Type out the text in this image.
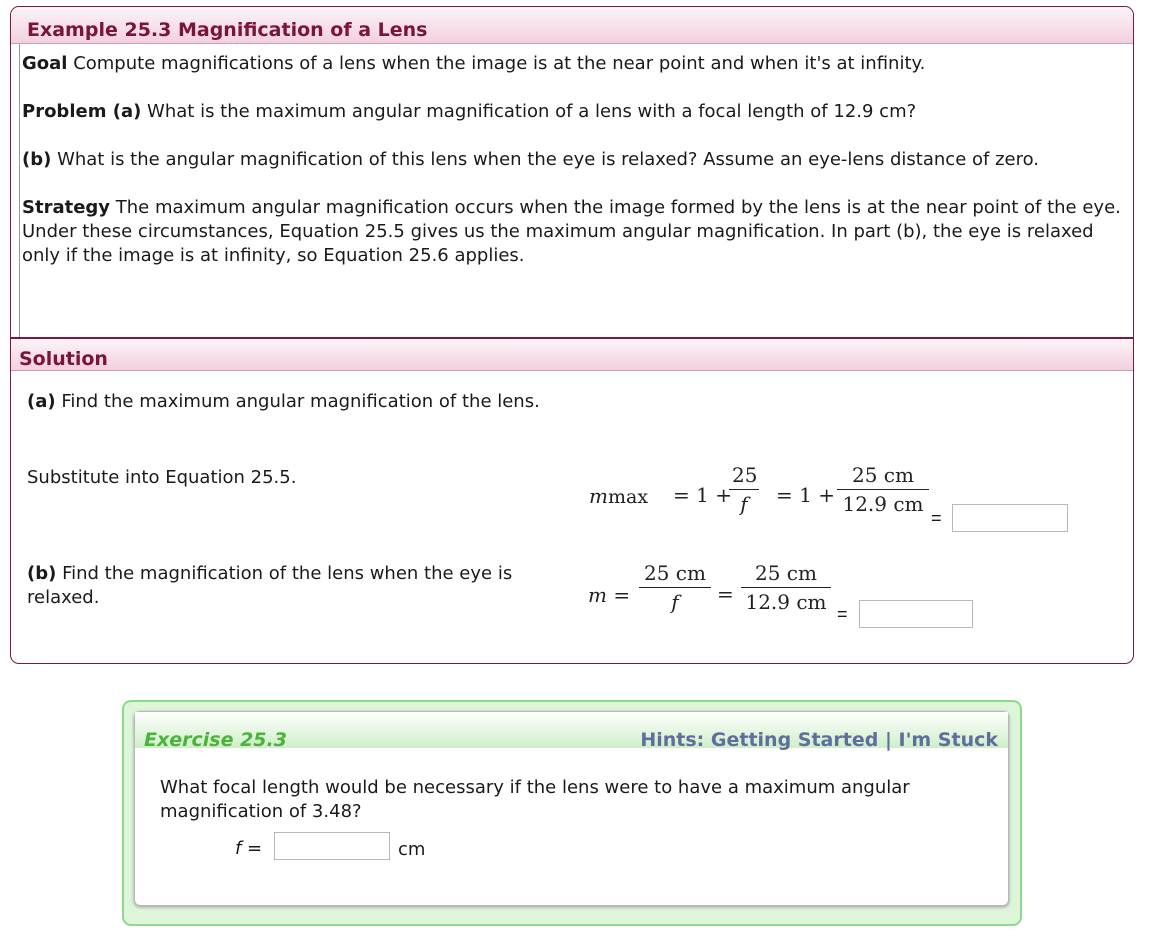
Example 25.3 Magnification of a Lens

Goal Compute magnifications of a lens when the image is at the near point and when it's at infinity.

Problem (a) What is the maximum angular magnification of a lens with a focal length of 12.9 cm?

(b) What is the angular magnification of this lens when the eye is relaxed? Assume an eye-lens distance of zero.

Strategy The maximum angular magnification occurs when the image formed by the lens is at the near point of the eye. Under these circumstances, Equation 25.5 gives us the maximum angular magnification. In part (b), the eye is relaxed only if the image is at infinity, so Equation 25.6 applies.

Solution
(a) Find the maximum angular magnification of the lens.
Substitute into Equation 25.5.
(b) Find the magnification of the lens when the eye is relaxed.
mmax = 1 +
25
f	= 1 +
25 cm
12.9 cm
=
m =
25 cm
f	=
25 cm
12.9 cm =
Exercise 25.3	Hints: Getting Started | I'm Stuck
What focal length would be necessary if the lens were to have a maximum angular magnification of 3.48?
f =	cm
